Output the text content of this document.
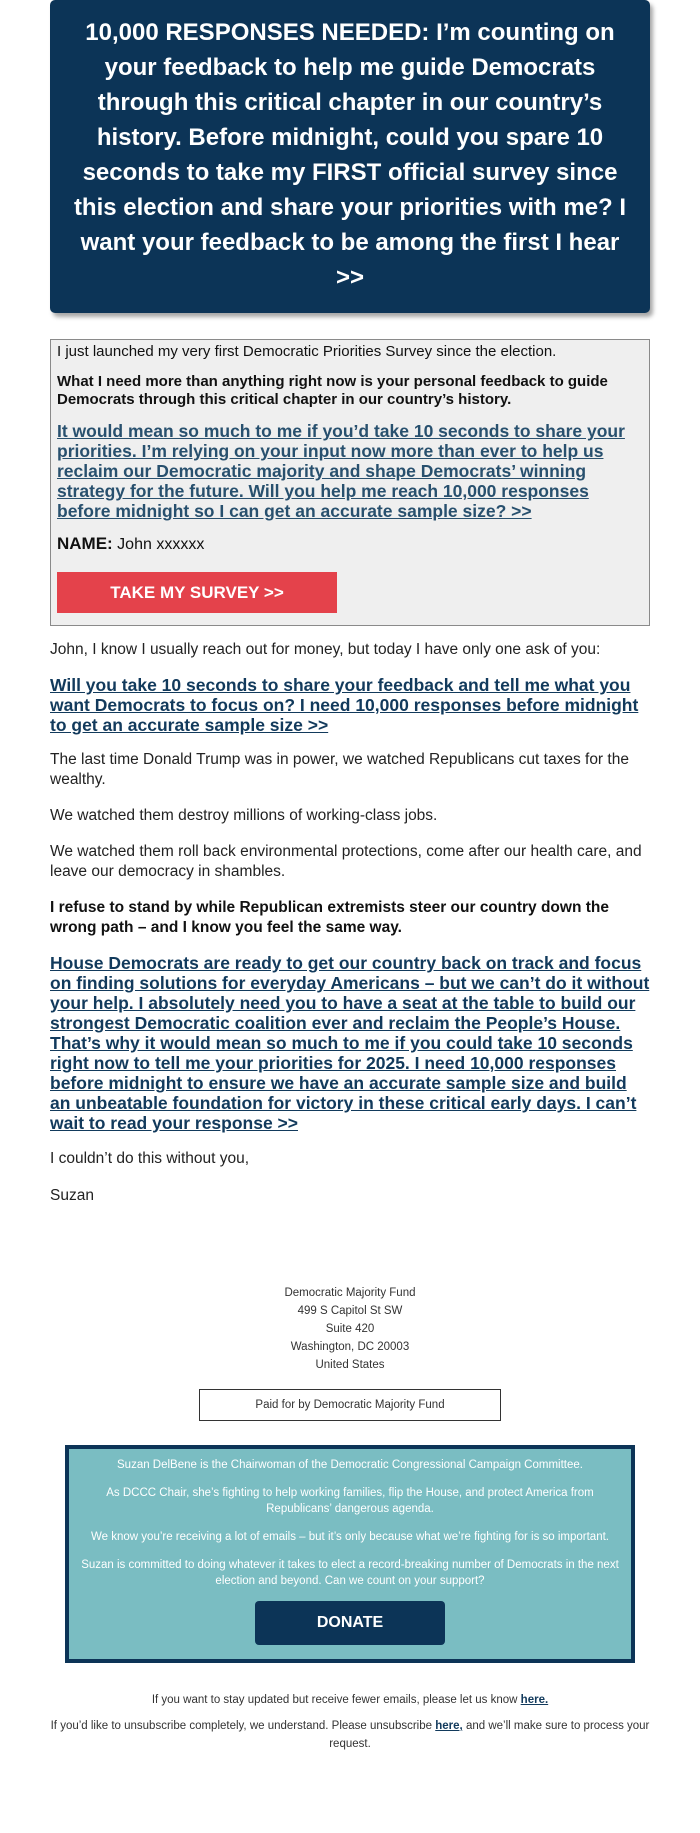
10,000 RESPONSES NEEDED: I’m counting on your feedback to help me guide Democrats through this critical chapter in our country’s history. Before midnight, could you spare 10 seconds to take my FIRST official survey since this election and share your priorities with me? I want your feedback to be among the first I hear >>

I just launched my very first Democratic Priorities Survey since the election.

What I need more than anything right now is your personal feedback to guide Democrats through this critical chapter in our country’s history.

It would mean so much to me if you’d take 10 seconds to share your priorities. I’m relying on your input now more than ever to help us reclaim our Democratic majority and shape Democrats’ winning strategy for the future. Will you help me reach 10,000 responses before midnight so I can get an accurate sample size? >>

NAME: John xxxxxx

TAKE MY SURVEY >>

John, I know I usually reach out for money, but today I have only one ask of you:

Will you take 10 seconds to share your feedback and tell me what you want Democrats to focus on? I need 10,000 responses before midnight to get an accurate sample size >>

The last time Donald Trump was in power, we watched Republicans cut taxes for the wealthy.

We watched them destroy millions of working-class jobs.

We watched them roll back environmental protections, come after our health care, and leave our democracy in shambles.

I refuse to stand by while Republican extremists steer our country down the wrong path – and I know you feel the same way.

House Democrats are ready to get our country back on track and focus on finding solutions for everyday Americans – but we can’t do it without your help. I absolutely need you to have a seat at the table to build our strongest Democratic coalition ever and reclaim the People’s House. That’s why it would mean so much to me if you could take 10 seconds right now to tell me your priorities for 2025. I need 10,000 responses before midnight to ensure we have an accurate sample size and build an unbeatable foundation for victory in these critical early days. I can’t wait to read your response >>

I couldn’t do this without you,

Suzan

Democratic Majority Fund
499 S Capitol St SW
Suite 420
Washington, DC 20003
United States
Paid for by Democratic Majority Fund

Suzan DelBene is the Chairwoman of the Democratic Congressional Campaign Committee.

As DCCC Chair, she’s fighting to help working families, flip the House, and protect America from Republicans’ dangerous agenda.

We know you’re receiving a lot of emails – but it’s only because what we’re fighting for is so important.

Suzan is committed to doing whatever it takes to elect a record-breaking number of Democrats in the next election and beyond. Can we count on your support?

DONATE
If you want to stay updated but receive fewer emails, please let us know here.
If you’d like to unsubscribe completely, we understand. Please unsubscribe here, and we’ll make sure to process your request.
